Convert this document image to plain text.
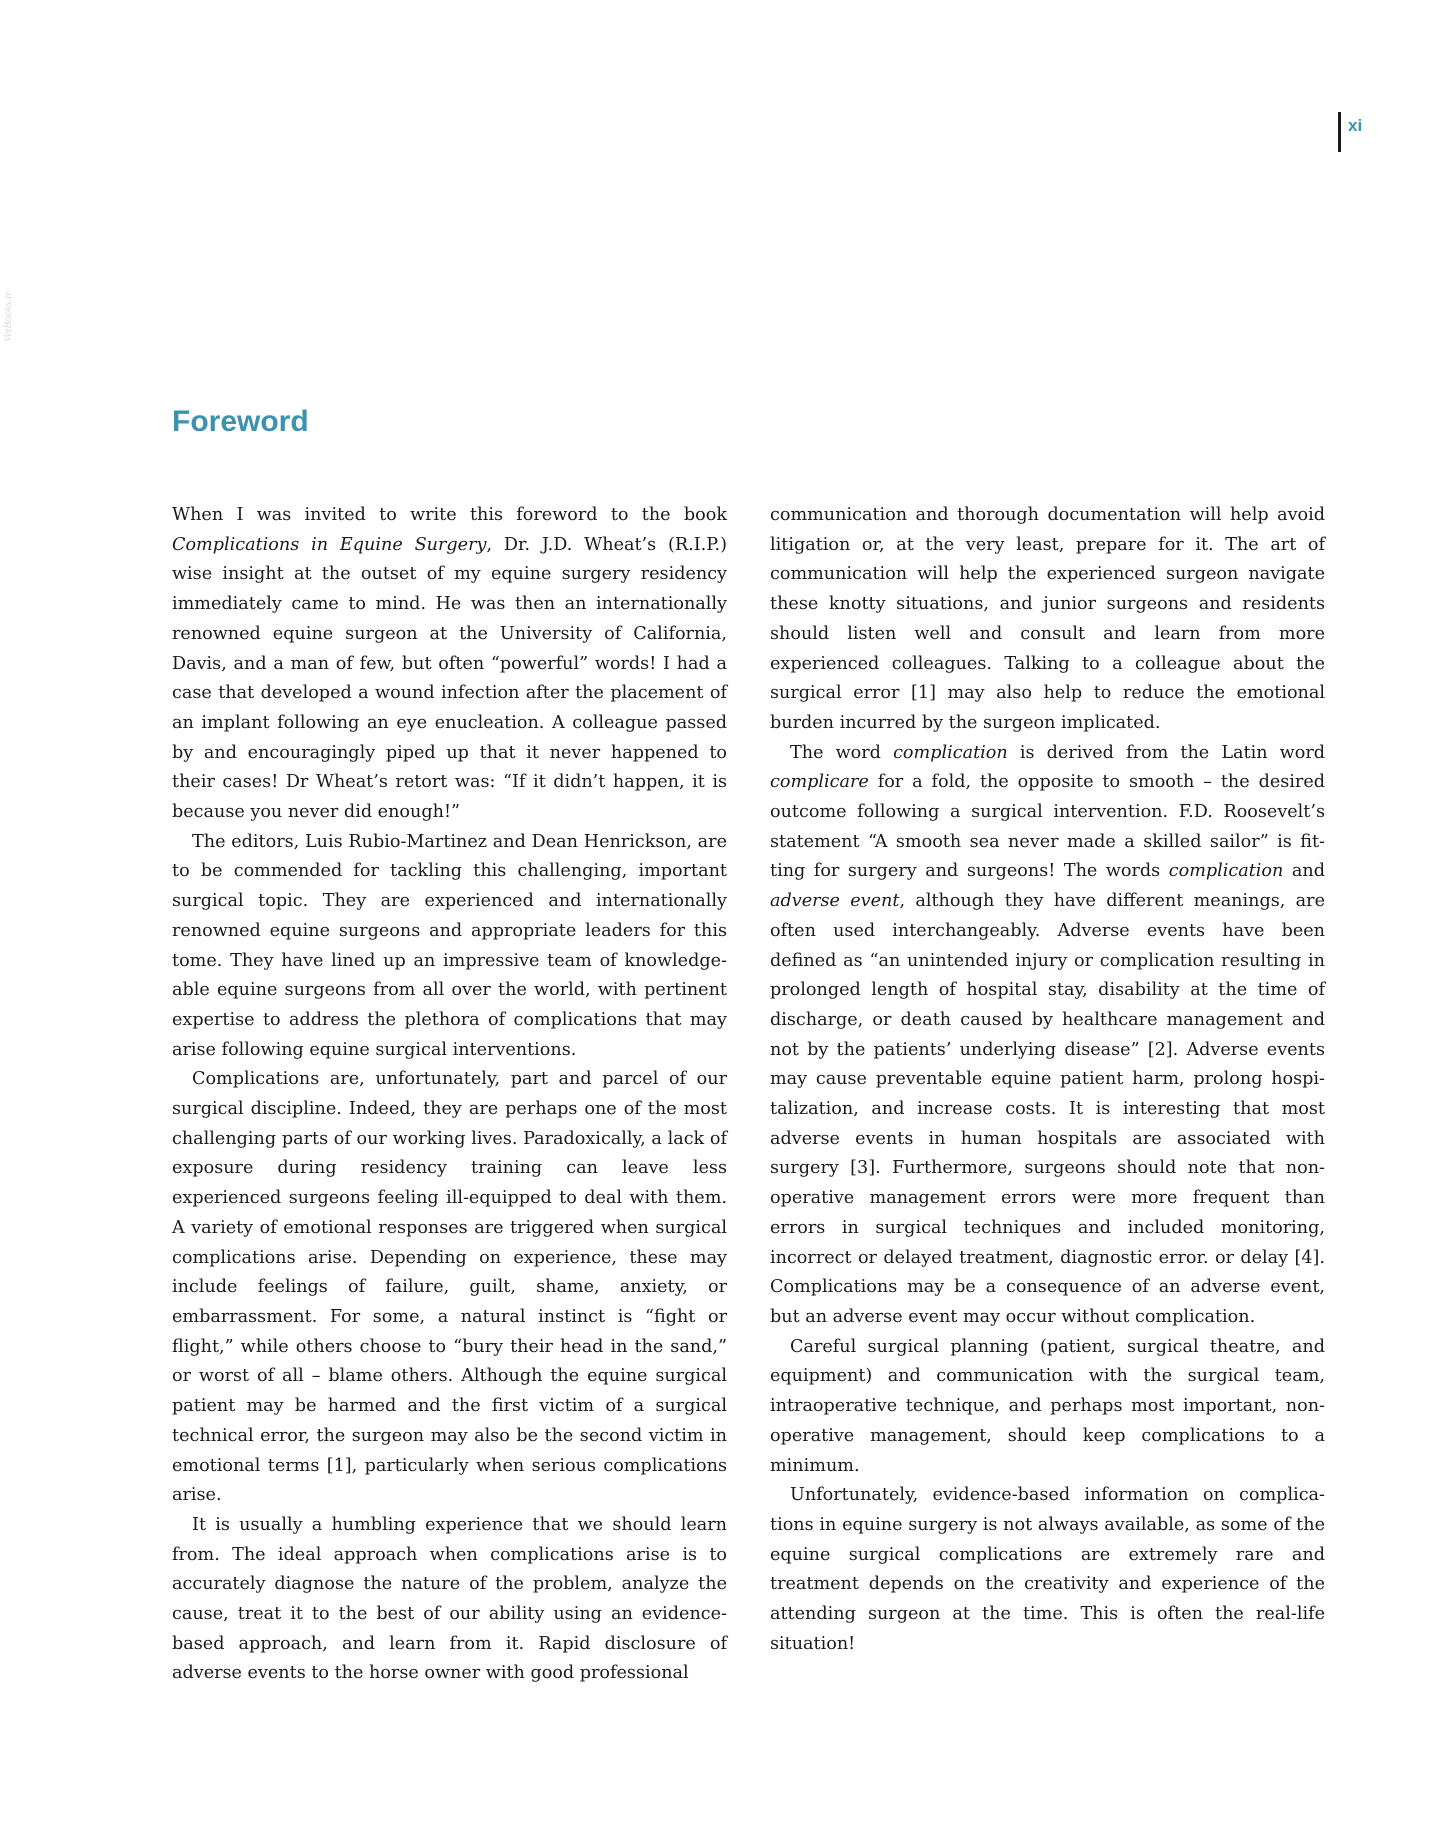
xi
VetBooks.ir
Foreword

When I was invited to write this foreword to the book Complications in Equine Surgery, Dr. J.D. Wheat’s (R.I.P.) wise insight at the outset of my equine surgery residency immediately came to mind. He was then an internationally renowned equine surgeon at the University of California, Davis, and a man of few, but often “powerful” words! I had a case that developed a wound infection after the placement of an implant following an eye enucleation. A colleague passed by and encouragingly piped up that it never happened to their cases! Dr Wheat’s retort was: “If it didn’t happen, it is because you never did enough!”

The editors, Luis Rubio-Martinez and Dean Henrickson, are to be commended for tackling this challenging, important surgical topic. They are experienced and internationally renowned equine surgeons and appropriate leaders for this tome. They have lined up an impressive team of knowledgeable equine surgeons from all over the world, with pertinent expertise to address the plethora of complications that may arise following equine surgical interventions.

Complications are, unfortunately, part and parcel of our surgical discipline. Indeed, they are perhaps one of the most challenging parts of our working lives. Paradoxically, a lack of exposure during residency training can leave less experienced surgeons feeling ill-equipped to deal with them. A variety of emotional responses are triggered when surgical complications arise. Depending on experience, these may include feelings of failure, guilt, shame, anxiety, or embarrassment. For some, a natural instinct is “fight or flight,” while others choose to “bury their head in the sand,” or worst of all – blame others. Although the equine surgical patient may be harmed and the first victim of a surgical technical error, the surgeon may also be the second victim in emotional terms [1], particularly when serious complications arise.

It is usually a humbling experience that we should learn from. The ideal approach when complications arise is to accurately diagnose the nature of the problem, analyze the cause, treat it to the best of our ability using an evidence-based approach, and learn from it. Rapid disclosure of adverse events to the horse owner with good professional

communication and thorough documentation will help avoid litigation or, at the very least, prepare for it. The art of communication will help the experienced surgeon navigate these knotty situations, and junior surgeons and residents should listen well and consult and learn from more experienced colleagues. Talking to a colleague about the surgical error [1] may also help to reduce the emotional burden incurred by the surgeon implicated.

The word complication is derived from the Latin word complicare for a fold, the opposite to smooth – the desired outcome following a surgical intervention. F.D. Roosevelt’s statement “A smooth sea never made a skilled sailor” is fitting for surgery and surgeons! The words complication and adverse event, although they have different meanings, are often used interchangeably. Adverse events have been defined as “an unintended injury or complication resulting in prolonged length of hospital stay, disability at the time of discharge, or death caused by healthcare management and not by the patients’ underlying disease” [2]. Adverse events may cause preventable equine patient harm, prolong hospitalization, and increase costs. It is interesting that most adverse events in human hospitals are associated with surgery [3]. Furthermore, surgeons should note that non-operative management errors were more frequent than errors in surgical techniques and included monitoring, incorrect or delayed treatment, diagnostic error. or delay [4]. Complications may be a consequence of an adverse event, but an adverse event may occur without complication.

Careful surgical planning (patient, surgical theatre, and equipment) and communication with the surgical team, intraoperative technique, and perhaps most important, non-operative management, should keep complications to a minimum.

Unfortunately, evidence-based information on complications in equine surgery is not always available, as some of the equine surgical complications are extremely rare and treatment depends on the creativity and experience of the attending surgeon at the time. This is often the real-life situation!
